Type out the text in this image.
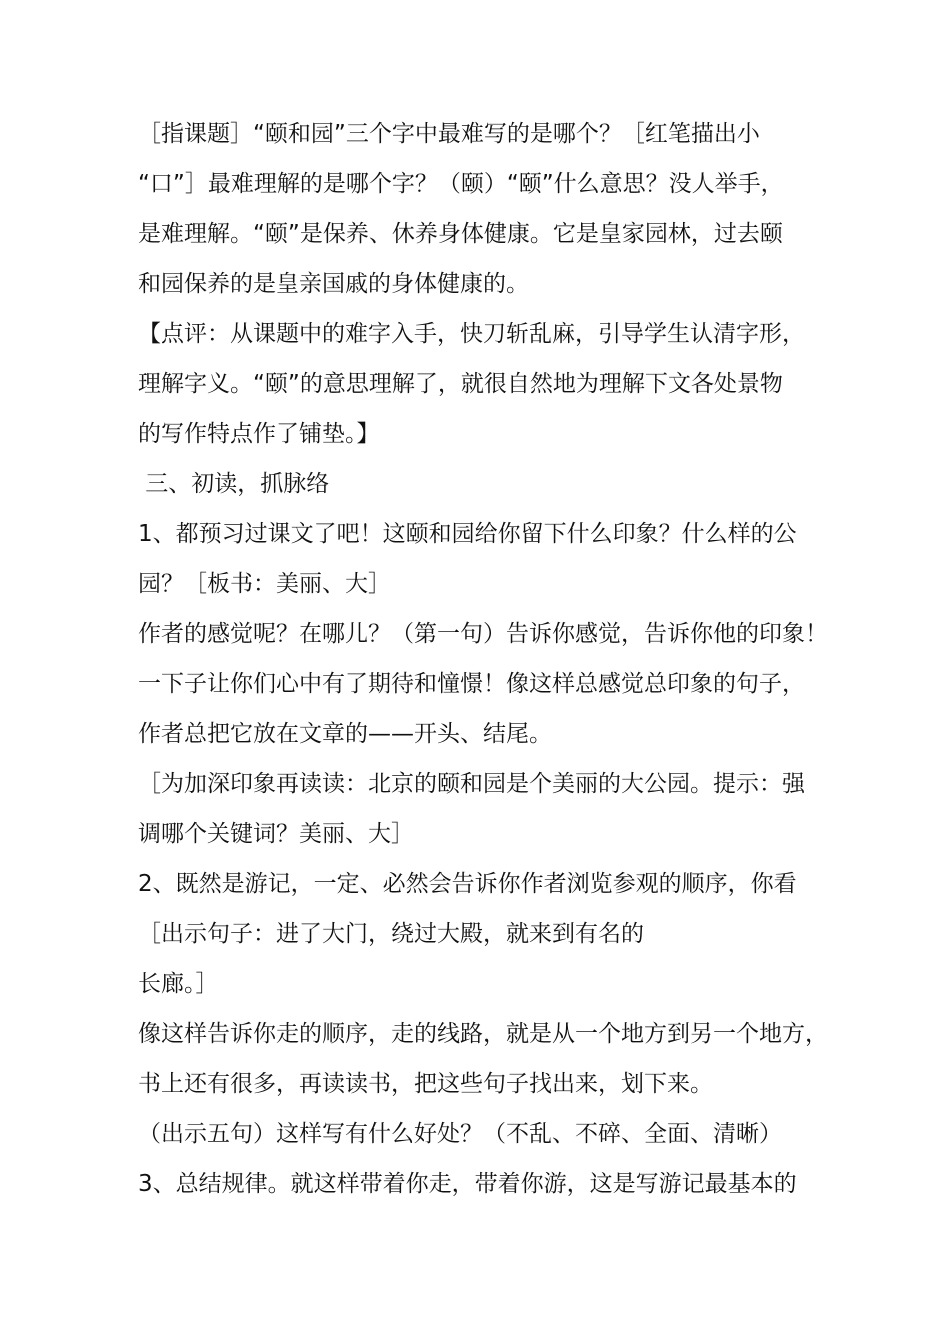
［指课题］“颐和园”三个字中最难写的是哪个？［红笔描出小
“口”］最难理解的是哪个字？（颐）“颐”什么意思？没人举手，
是难理解。“颐”是保养、休养身体健康。它是皇家园林，过去颐
和园保养的是皇亲国戚的身体健康的。
【点评：从课题中的难字入手，快刀斩乱麻，引导学生认清字形，
理解字义。“颐”的意思理解了，就很自然地为理解下文各处景物
的写作特点作了铺垫。】
三、初读，抓脉络
1、都预习过课文了吧！这颐和园给你留下什么印象？什么样的公
园？［板书：美丽、大］
作者的感觉呢？在哪儿？（第一句）告诉你感觉，告诉你他的印象！
一下子让你们心中有了期待和憧憬！像这样总感觉总印象的句子，
作者总把它放在文章的——开头、结尾。
［为加深印象再读读：北京的颐和园是个美丽的大公园。提示：强
调哪个关键词？美丽、大］
2、既然是游记，一定、必然会告诉你作者浏览参观的顺序，你看
［出示句子：进了大门，绕过大殿，就来到有名的
长廊。］
像这样告诉你走的顺序，走的线路，就是从一个地方到另一个地方，
书上还有很多，再读读书，把这些句子找出来，划下来。
（出示五句）这样写有什么好处？（不乱、不碎、全面、清晰）
3、总结规律。就这样带着你走，带着你游，这是写游记最基本的
